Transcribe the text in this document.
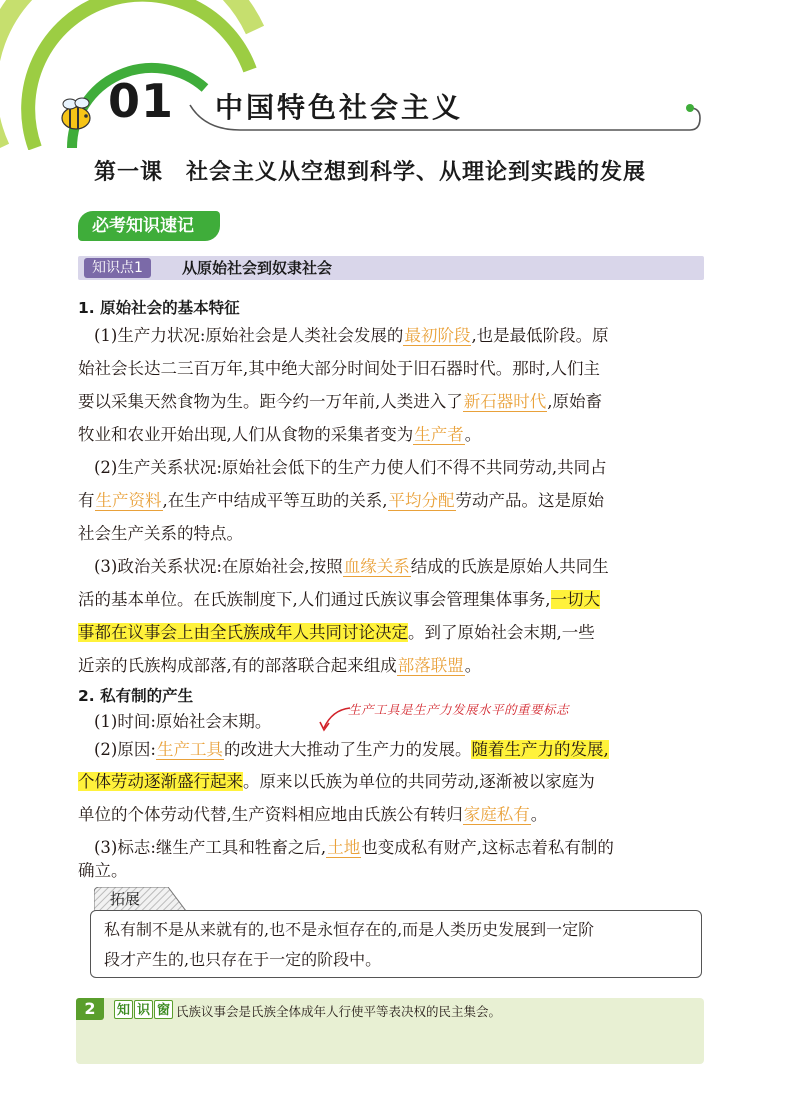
01 中国特色社会主义
第一课　社会主义从空想到科学、从理论到实践的发展
必考知识速记
知识点1	从原始社会到奴隶社会
1. 原始社会的基本特征
(1)生产力状况:原始社会是人类社会发展的最初阶段,也是最低阶段。原
始社会长达二三百万年,其中绝大部分时间处于旧石器时代。那时,人们主
要以采集天然食物为生。距今约一万年前,人类进入了新石器时代,原始畜
牧业和农业开始出现,人们从食物的采集者变为生产者。
(2)生产关系状况:原始社会低下的生产力使人们不得不共同劳动,共同占
有生产资料,在生产中结成平等互助的关系,平均分配劳动产品。这是原始
社会生产关系的特点。
(3)政治关系状况:在原始社会,按照血缘关系结成的氏族是原始人共同生
活的基本单位。在氏族制度下,人们通过氏族议事会管理集体事务,一切大
事都在议事会上由全氏族成年人共同讨论决定。到了原始社会末期,一些
近亲的氏族构成部落,有的部落联合起来组成部落联盟。
2. 私有制的产生
(1)时间:原始社会末期。
生产工具是生产力发展水平的重要标志
(2)原因:生产工具的改进大大推动了生产力的发展。随着生产力的发展,
个体劳动逐渐盛行起来。原来以氏族为单位的共同劳动,逐渐被以家庭为
单位的个体劳动代替,生产资料相应地由氏族公有转归家庭私有。
(3)标志:继生产工具和牲畜之后,土地也变成私有财产,这标志着私有制的
确立。
拓展
私有制不是从来就有的,也不是永恒存在的,而是人类历史发展到一定阶
段才产生的,也只存在于一定的阶段中。
2	知 识 窗 氏族议事会是氏族全体成年人行使平等表决权的民主集会。
